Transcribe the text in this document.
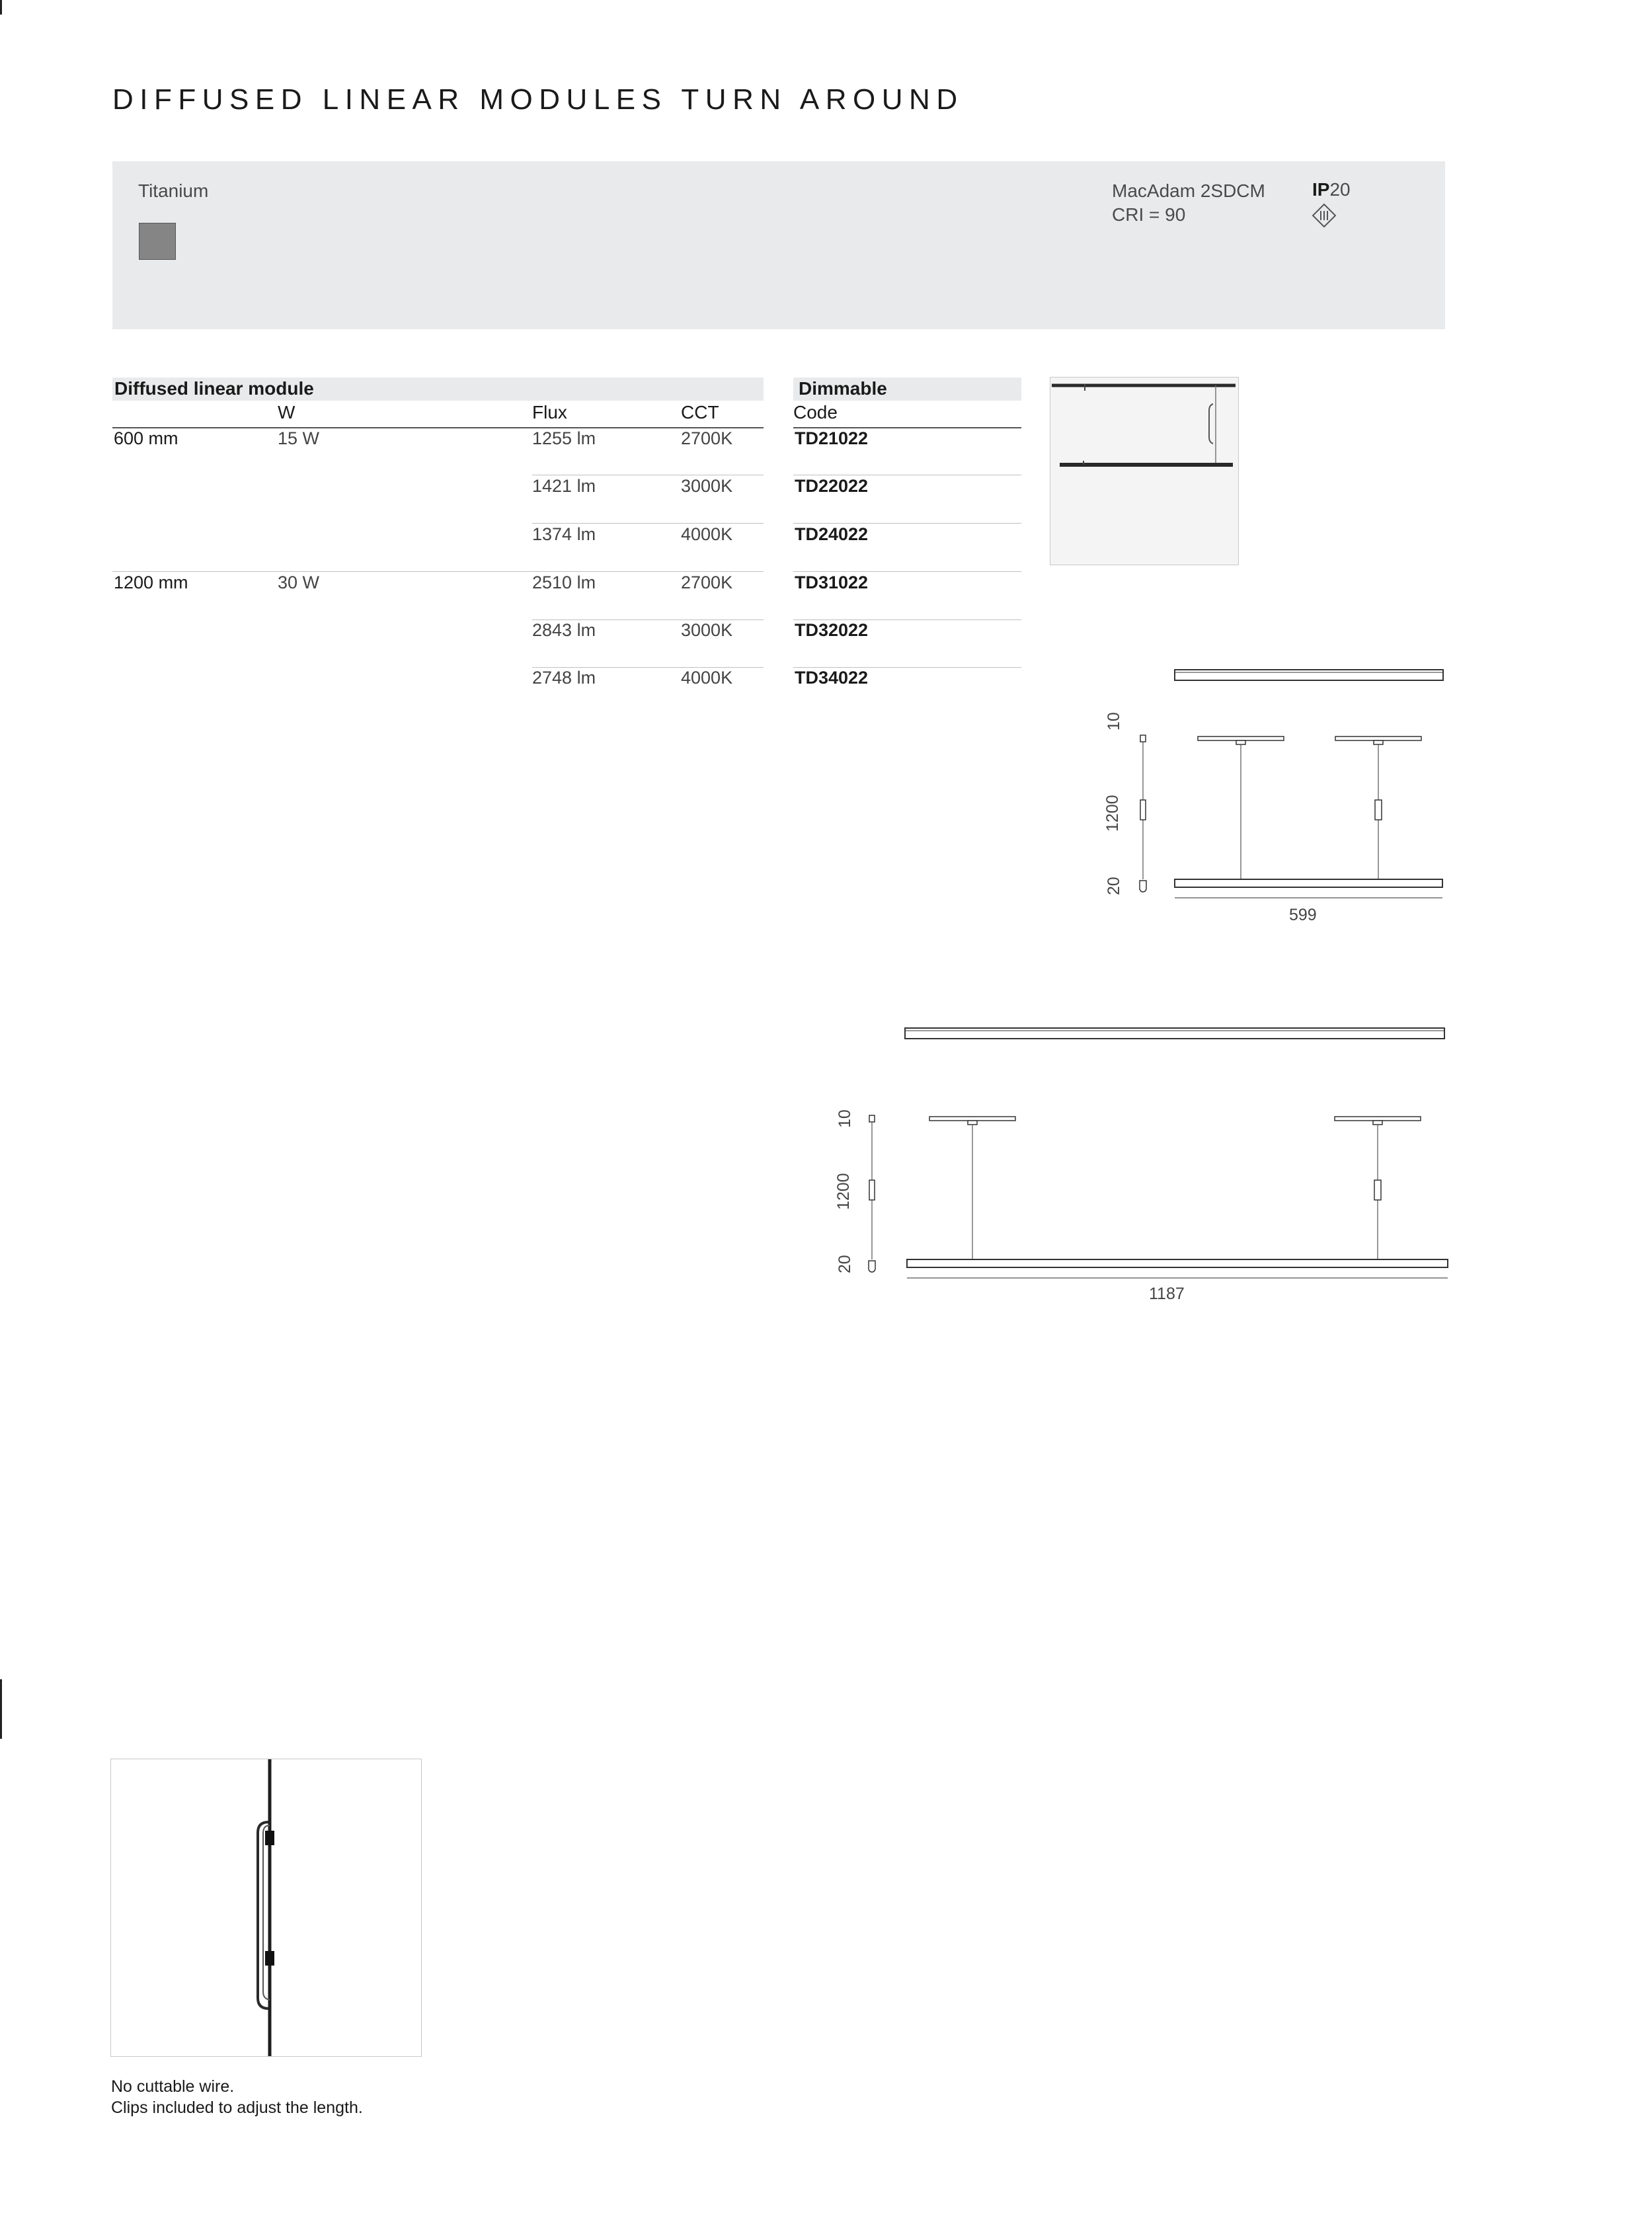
DIFFUSED LINEAR MODULES TURN AROUND
Titanium	MacAdam 2SDCM
CRI = 90
IP20
Diffused linear module	Dimmable
W	Flux	CCT	Code
600 mm	15 W	1255 lm	2700K	TD21022
1421 lm	3000K	TD22022
1374 lm	4000K	TD24022
1200 mm	30 W	2510 lm	2700K	TD31022
2843 lm	3000K	TD32022
2748 lm	4000K	TD34022
10
1200
20
599
10
1200
20
1187
No cuttable wire.
Clips included to adjust the length.
